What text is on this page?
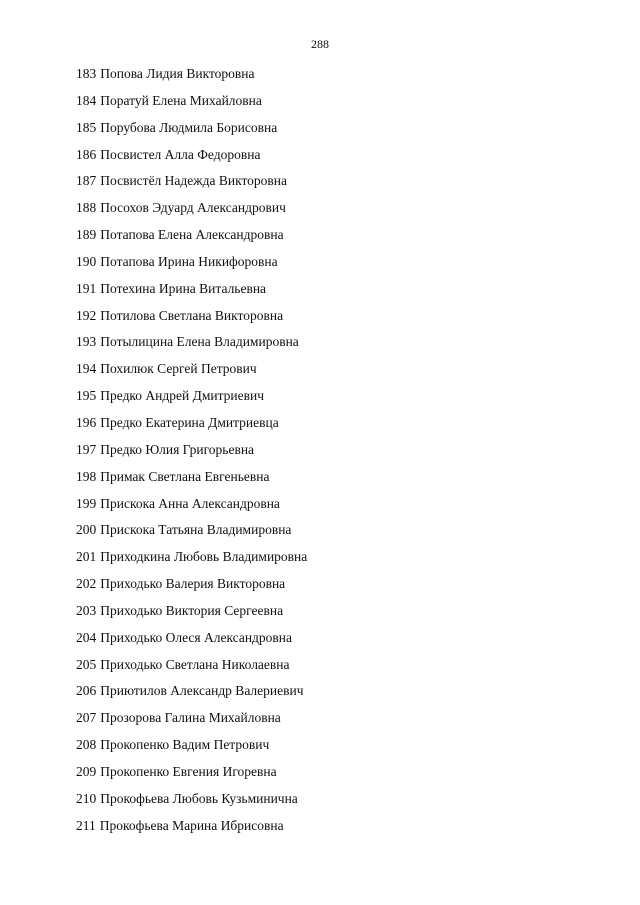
288
183 Попова Лидия Викторовна
184 Поратуй Елена Михайловна
185 Порубова Людмила Борисовна
186 Посвистел Алла Федоровна
187 Посвистёл Надежда Викторовна
188 Посохов Эдуард Александрович
189 Потапова Елена Александровна
190 Потапова Ирина Никифоровна
191 Потехина Ирина Витальевна
192 Потилова Светлана Викторовна
193 Потылицина Елена Владимировна
194 Похилюк Сергей Петрович
195 Предко Андрей Дмитриевич
196 Предко Екатерина Дмитриевца
197 Предко Юлия Григорьевна
198 Примак Светлана Евгеньевна
199 Прискока Анна Александровна
200 Прискока Татьяна Владимировна
201 Приходкина Любовь Владимировна
202 Приходько Валерия Викторовна
203 Приходько Виктория Сергеевна
204 Приходько Олеся Александровна
205 Приходько Светлана Николаевна
206 Приютилов Александр Валериевич
207 Прозорова Галина Михайловна
208 Прокопенко Вадим Петрович
209 Прокопенко Евгения Игоревна
210 Прокофьева Любовь Кузьминична
211 Прокофьева Марина Ибрисовна
